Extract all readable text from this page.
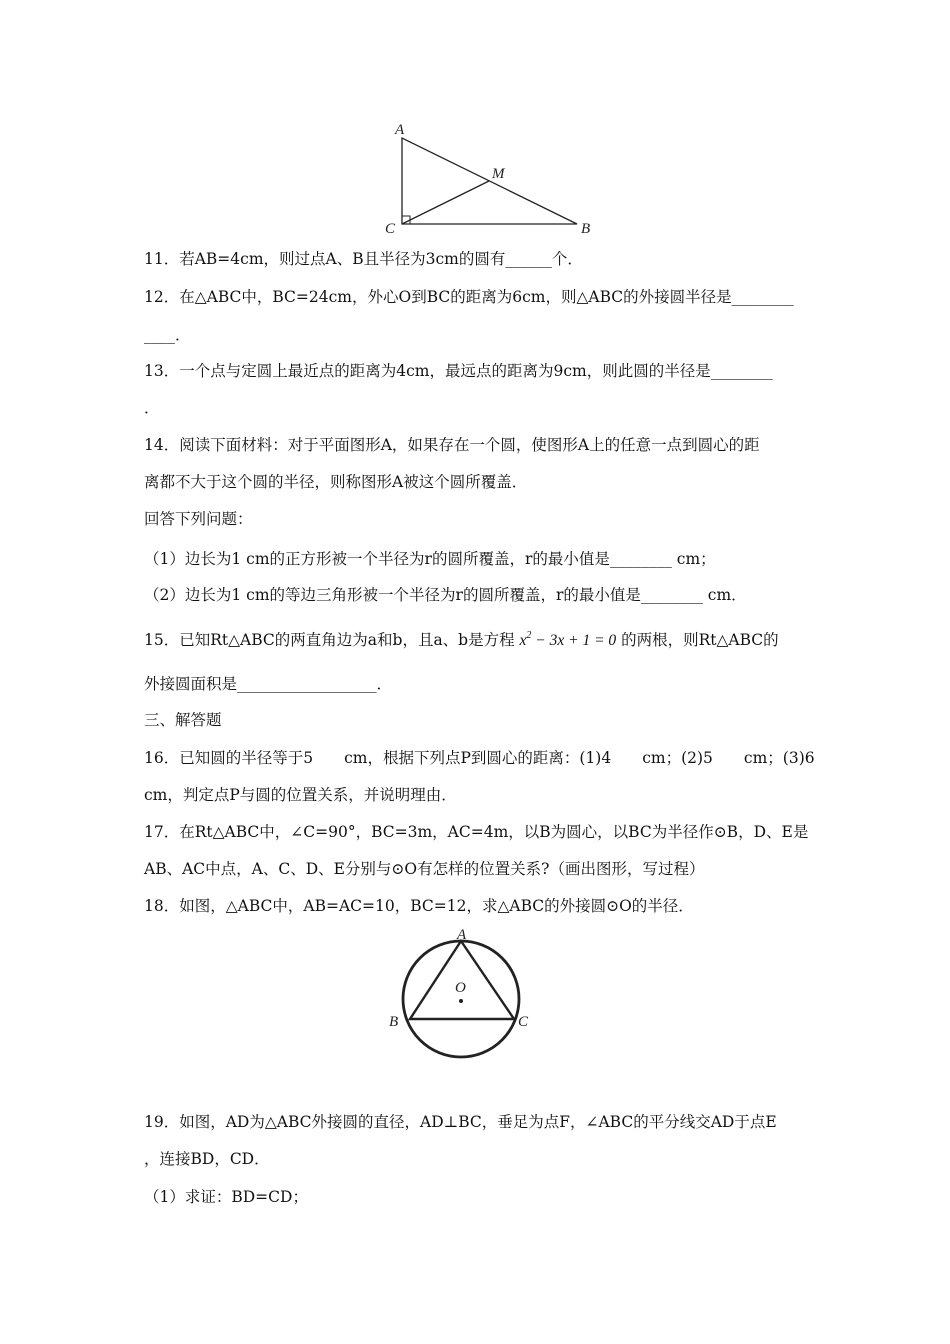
A
M
C	B
11．若AB=4cm，则过点A、B且半径为3cm的圆有______个．
12．在△ABC中，BC=24cm，外心O到BC的距离为6cm，则△ABC的外接圆半径是________
____．
13．一个点与定圆上最近点的距离为4cm，最远点的距离为9cm，则此圆的半径是________
．
14．阅读下面材料：对于平面图形A，如果存在一个圆，使图形A上的任意一点到圆心的距
离都不大于这个圆的半径，则称图形A被这个圆所覆盖．
回答下列问题：
（1）边长为1 cm的正方形被一个半径为r的圆所覆盖，r的最小值是________ cm；
（2）边长为1 cm的等边三角形被一个半径为r的圆所覆盖，r的最小值是________ cm．
15．已知Rt△ABC的两直角边为a和b，且a、b是方程 $x^2 - 3x + 1 = 0$ 的两根，则Rt△ABC的
外接圆面积是__________________．
三、解答题
16．已知圆的半径等于5　　cm，根据下列点P到圆心的距离：(1)4　　cm；(2)5　　cm；(3)6
cm，判定点P与圆的位置关系，并说明理由．
17．在Rt△ABC中，∠C=90°，BC=3m，AC=4m，以B为圆心，以BC为半径作⊙B，D、E是
AB、AC中点，A、C、D、E分别与⊙O有怎样的位置关系?（画出图形，写过程）
18．如图，△ABC中，AB=AC=10，BC=12，求△ABC的外接圆⊙O的半径．
A
O
B	C
19．如图，AD为△ABC外接圆的直径，AD⊥BC，垂足为点F，∠ABC的平分线交AD于点E
，连接BD，CD．
（1）求证：BD=CD；
